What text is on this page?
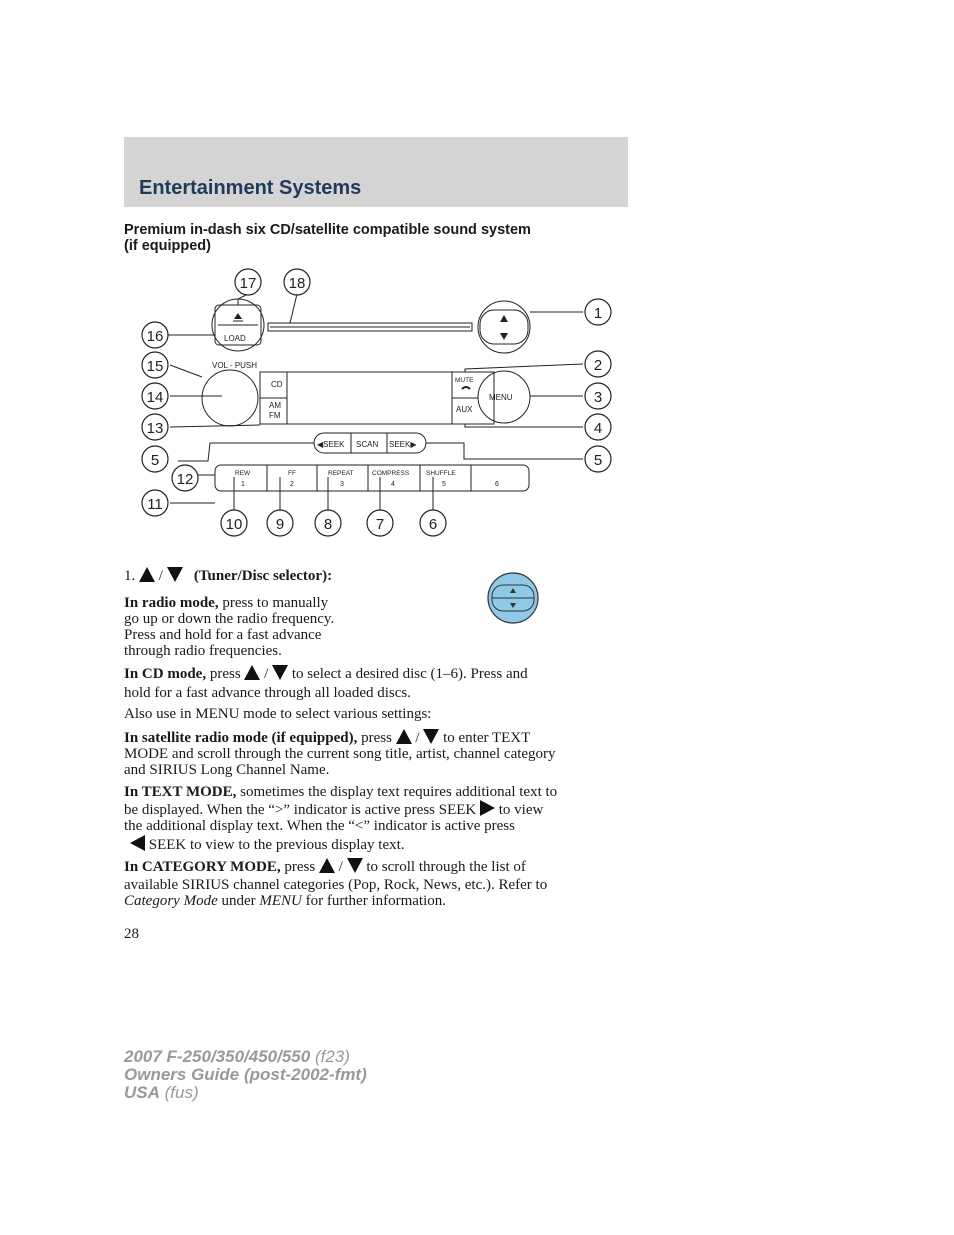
Entertainment Systems
Premium in-dash six CD/satellite compatible sound system
(if equipped)
LOAD
VOL - PUSH
CD
AM
FM
MUTE
MENU
AUX
◀SEEK SCAN SEEK▶
REW
1
FF
2
REPEAT
3
COMPRESS
4
SHUFFLE
5	6
17 18
1
16
15	2
14	3
13	4
5	5
12
11
10 9	8	7	6
1. / (Tuner/Disc selector):
In radio mode, press to manually
go up or down the radio frequency.
Press and hold for a fast advance
through radio frequencies.
In CD mode, press  /  to select a desired disc (1–6). Press and
hold for a fast advance through all loaded discs.
Also use in MENU mode to select various settings:
In satellite radio mode (if equipped), press  /  to enter TEXT
MODE and scroll through the current song title, artist, channel category
and SIRIUS Long Channel Name.
In TEXT MODE, sometimes the display text requires additional text to
be displayed. When the “>” indicator is active press SEEK  to view
the additional display text. When the “<” indicator is active press
SEEK to view to the previous display text.
In CATEGORY MODE, press  /  to scroll through the list of
available SIRIUS channel categories (Pop, Rock, News, etc.). Refer to
Category Mode under MENU for further information.
28
2007 F-250/350/450/550 (f23)
Owners Guide (post-2002-fmt)
USA (fus)
